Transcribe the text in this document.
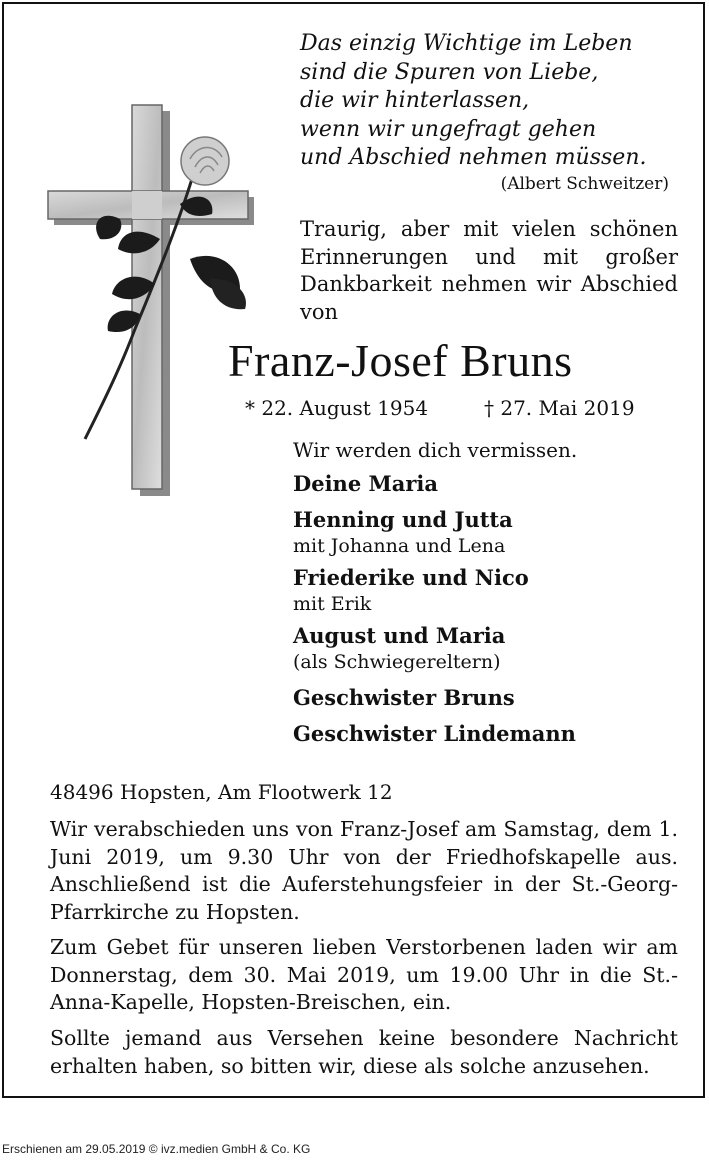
Das einzig Wichtige im Leben
sind die Spuren von Liebe,
die wir hinterlassen,
wenn wir ungefragt gehen
und Abschied nehmen müssen.
(Albert Schweitzer)
Traurig, aber mit vielen schönen Erinnerungen und mit großer Dankbarkeit nehmen wir Abschied von
Franz-Josef Bruns
* 22. August 1954	† 27. Mai 2019
Wir werden dich vermissen.
Deine Maria
Henning und Jutta
mit Johanna und Lena
Friederike und Nico
mit Erik
August und Maria
(als Schwiegereltern)
Geschwister Bruns
Geschwister Lindemann
48496 Hopsten, Am Flootwerk 12
Wir verabschieden uns von Franz-Josef am Samstag, dem 1. Juni 2019, um 9.30 Uhr von der Friedhofskapelle aus. Anschließend ist die Auferstehungsfeier in der St.-Georg-Pfarrkirche zu Hopsten.
Zum Gebet für unseren lieben Verstorbenen laden wir am Donnerstag, dem 30. Mai 2019, um 19.00 Uhr in die St.-Anna-Kapelle, Hopsten-Breischen, ein.
Sollte jemand aus Versehen keine besondere Nachricht erhalten haben, so bitten wir, diese als solche anzusehen.
Erschienen am 29.05.2019 © ivz.medien GmbH & Co. KG
